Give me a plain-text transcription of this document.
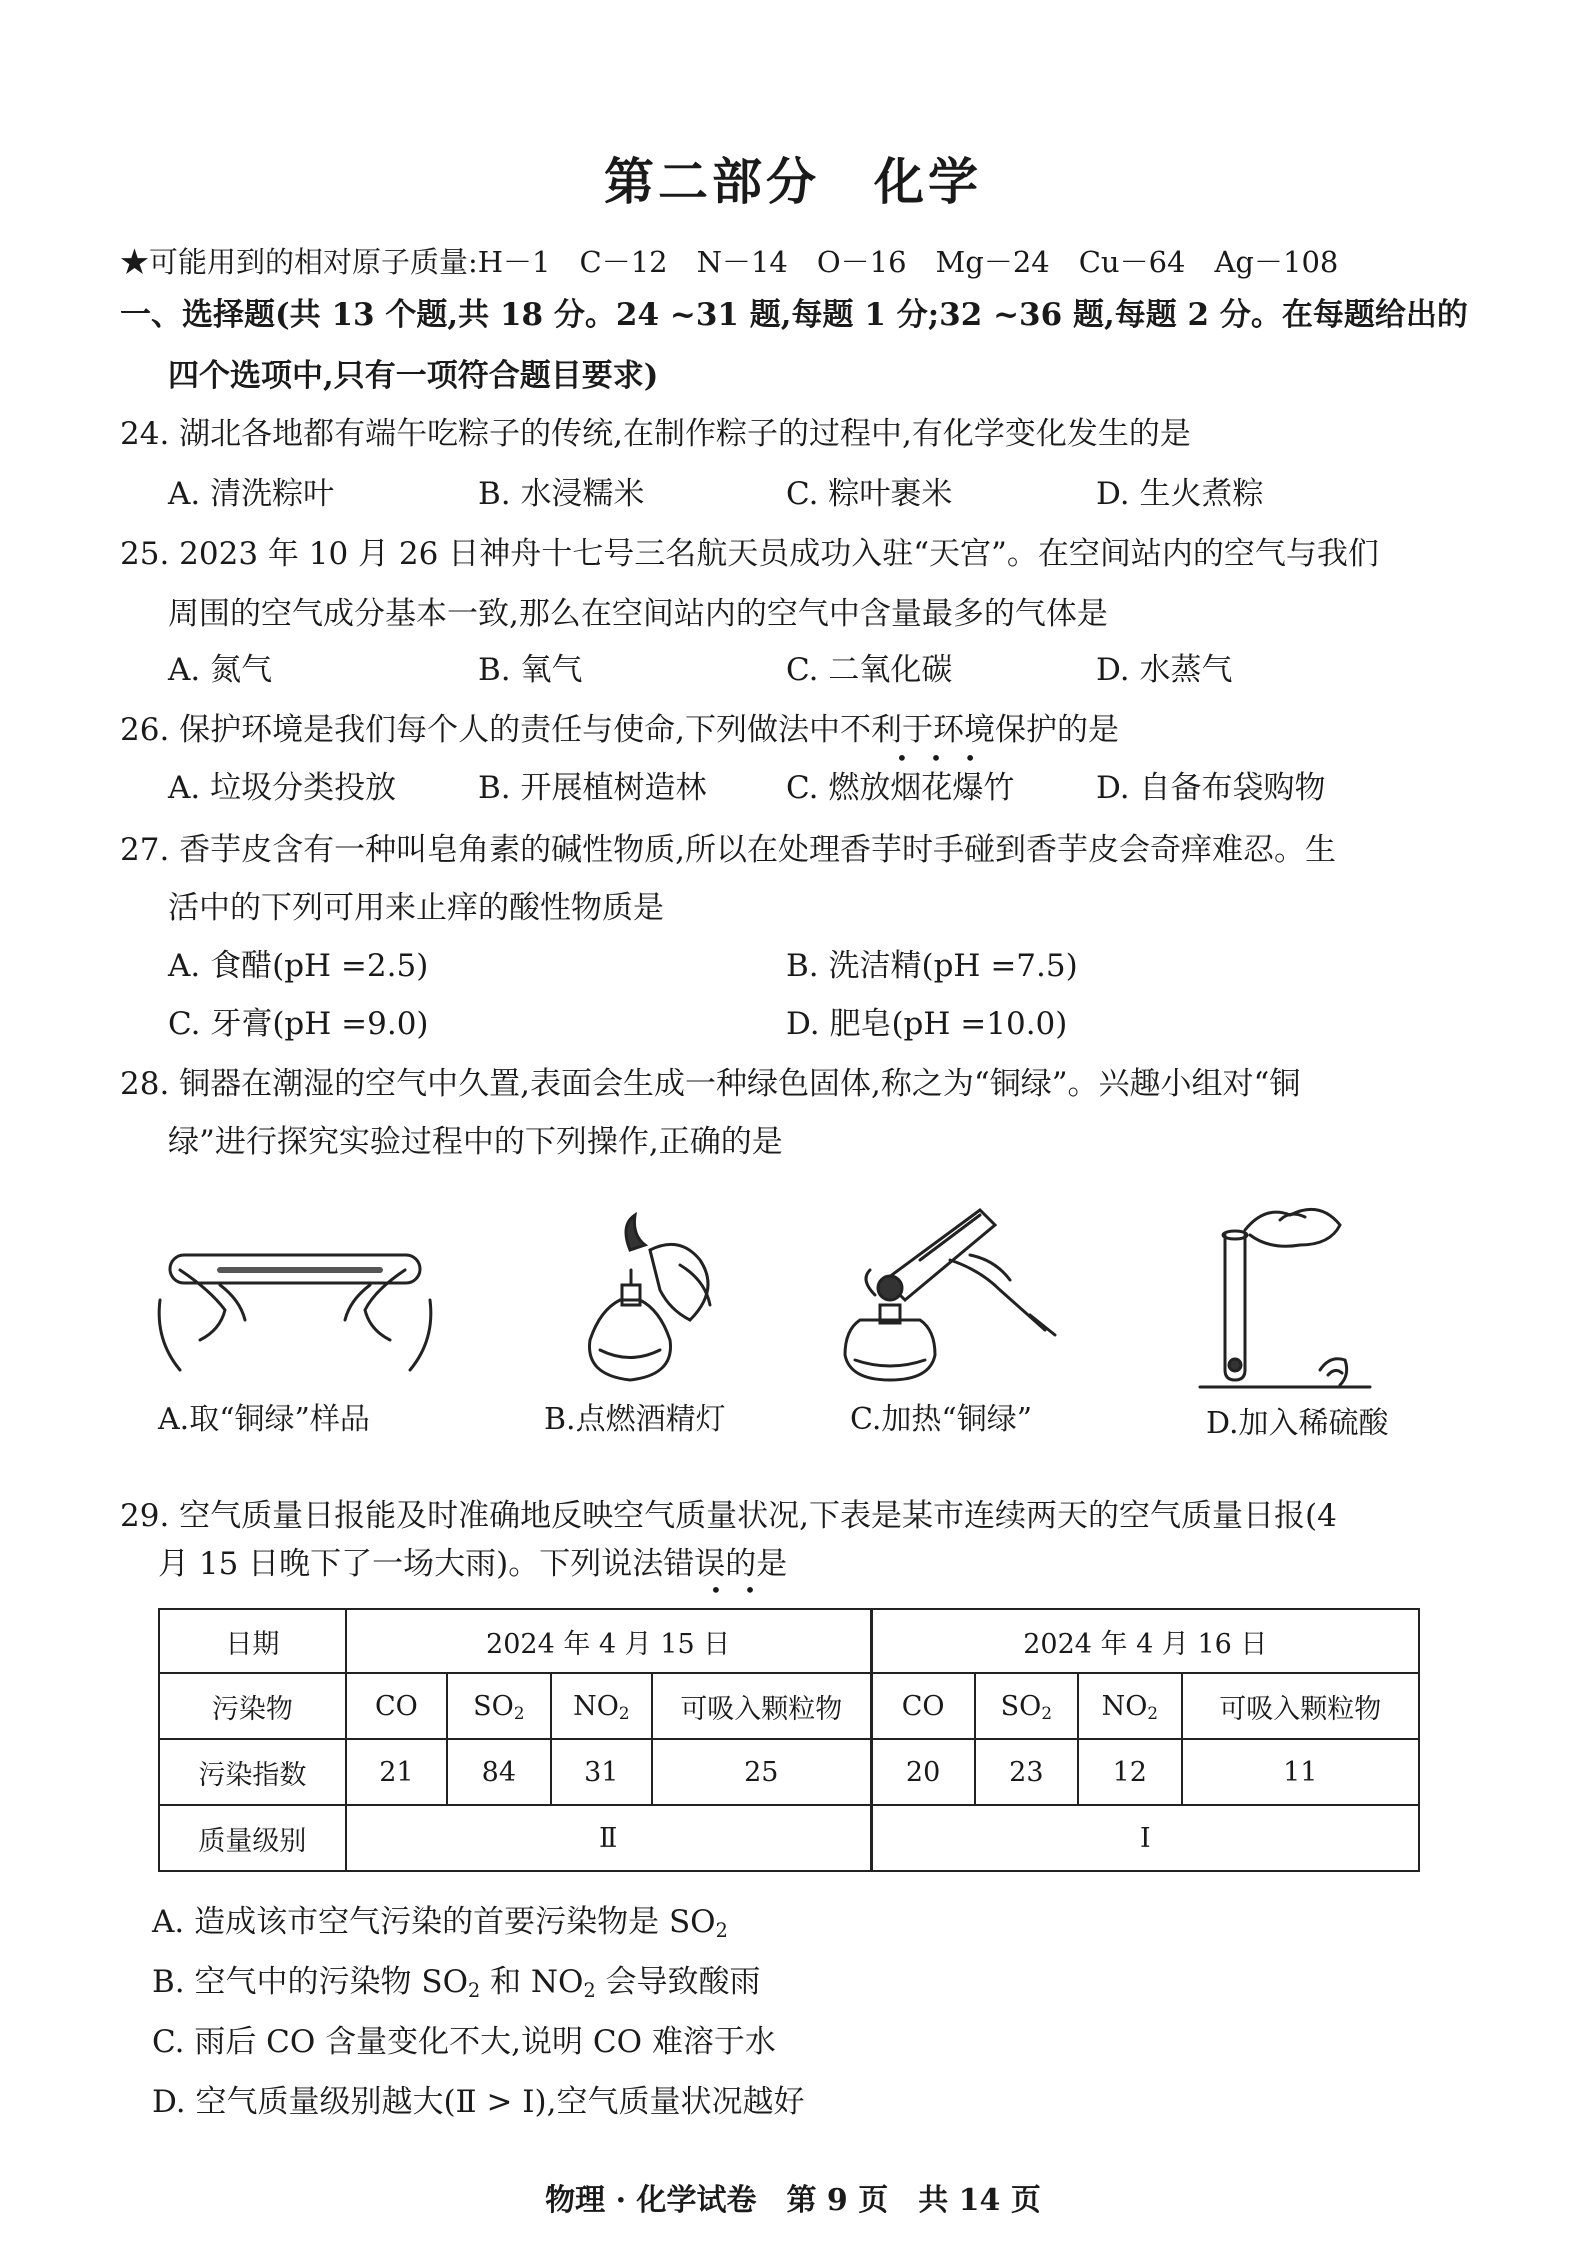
第二部分　化学
★可能用到的相对原子质量:H－1　C－12　N－14　O－16　Mg－24　Cu－64　Ag－108
一、选择题(共 13 个题,共 18 分。24 ~31 题,每题 1 分;32 ~36 题,每题 2 分。在每题给出的
四个选项中,只有一项符合题目要求)
24. 湖北各地都有端午吃粽子的传统,在制作粽子的过程中,有化学变化发生的是
A. 清洗粽叶	B. 水浸糯米	C. 粽叶裹米	D. 生火煮粽
25. 2023 年 10 月 26 日神舟十七号三名航天员成功入驻“天宫”。在空间站内的空气与我们
周围的空气成分基本一致,那么在空间站内的空气中含量最多的气体是
A. 氮气	B. 氧气	C. 二氧化碳	D. 水蒸气
26. 保护环境是我们每个人的责任与使命,下列做法中不利于环境保护的是
• • •
A. 垃圾分类投放	B. 开展植树造林	C. 燃放烟花爆竹	D. 自备布袋购物
27. 香芋皮含有一种叫皂角素的碱性物质,所以在处理香芋时手碰到香芋皮会奇痒难忍。生
活中的下列可用来止痒的酸性物质是
A. 食醋(pH =2.5)	B. 洗洁精(pH =7.5)
C. 牙膏(pH =9.0)	D. 肥皂(pH =10.0)
28. 铜器在潮湿的空气中久置,表面会生成一种绿色固体,称之为“铜绿”。兴趣小组对“铜
绿”进行探究实验过程中的下列操作,正确的是
A.取“铜绿”样品	B.点燃酒精灯	C.加热“铜绿”	D.加入稀硫酸
29. 空气质量日报能及时准确地反映空气质量状况,下表是某市连续两天的空气质量日报(4
月 15 日晚下了一场大雨)。下列说法错误的是
• •
日期	2024 年 4 月 15 日				2024 年 4 月 16 日			
污染物	CO	$SO_2$	$NO_2$	可吸入颗粒物	CO	$SO_2$	$NO_2$	可吸入颗粒物
污染指数	21	84	31	25	20	23	12	11
质量级别	Ⅱ				Ⅰ			
A. 造成该市空气污染的首要污染物是 $SO_2$
B. 空气中的污染物 $SO_2$ 和 $NO_2$ 会导致酸雨
C. 雨后 CO 含量变化不大,说明 CO 难溶于水
D. 空气质量级别越大(Ⅱ > Ⅰ),空气质量状况越好
物理 · 化学试卷　第 9 页　共 14 页
